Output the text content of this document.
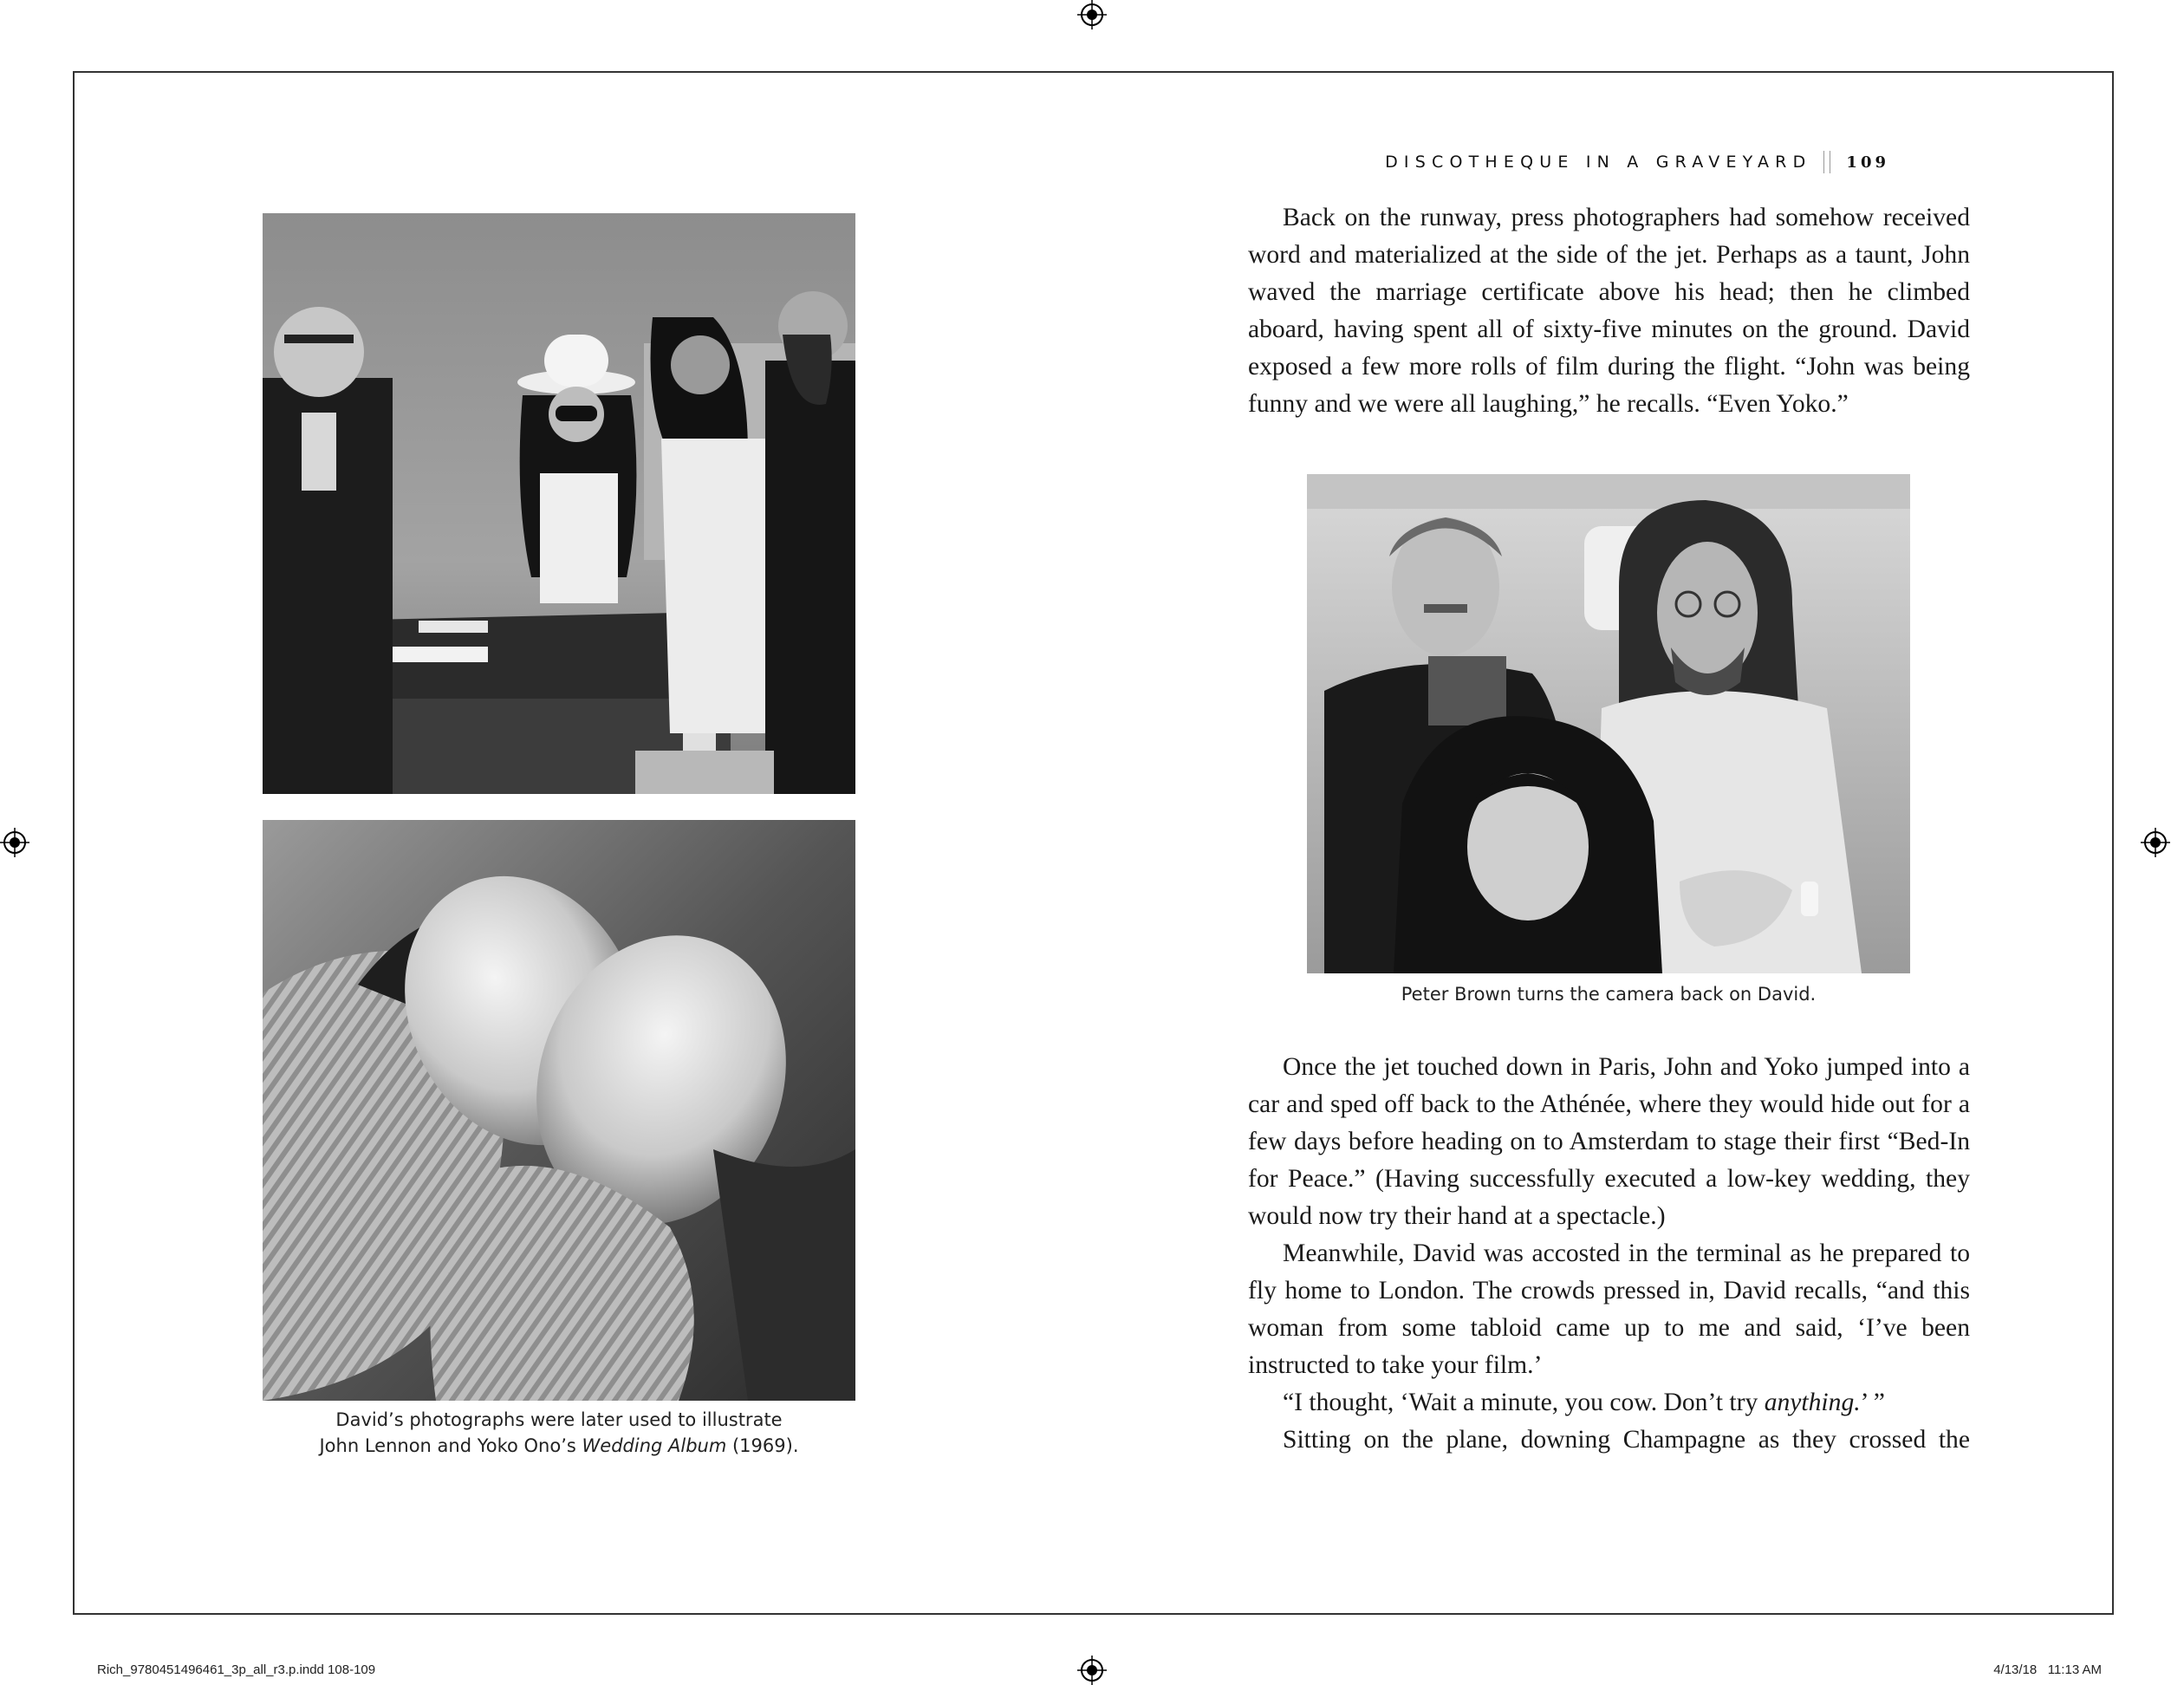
David’s photographs were later used to illustrate
John Lennon and Yoko Ono’s Wedding Album (1969).
DISCOTHEQUE IN A GRAVEYARD 109

Back on the runway, press photographers had somehow received word and materialized at the side of the jet. Perhaps as a taunt, John waved the marriage certificate above his head; then he climbed aboard, having spent all of sixty-five minutes on the ground. David exposed a few more rolls of film during the flight. “John was being funny and we were all laughing,” he recalls. “Even Yoko.”

Peter Brown turns the camera back on David.

Once the jet touched down in Paris, John and Yoko jumped into a car and sped off back to the Athénée, where they would hide out for a few days before heading on to Amsterdam to stage their first “Bed-In for Peace.” (Having successfully executed a low-key wedding, they would now try their hand at a spectacle.)

Meanwhile, David was accosted in the terminal as he prepared to fly home to London. The crowds pressed in, David recalls, “and this woman from some tabloid came up to me and said, ‘I’ve been instructed to take your film.’

“I thought, ‘Wait a minute, you cow. Don’t try anything.’ ”

Sitting on the plane, downing Champagne as they crossed the

Rich_9780451496461_3p_all_r3.p.indd 108-109	4/13/18   11:13 AM
